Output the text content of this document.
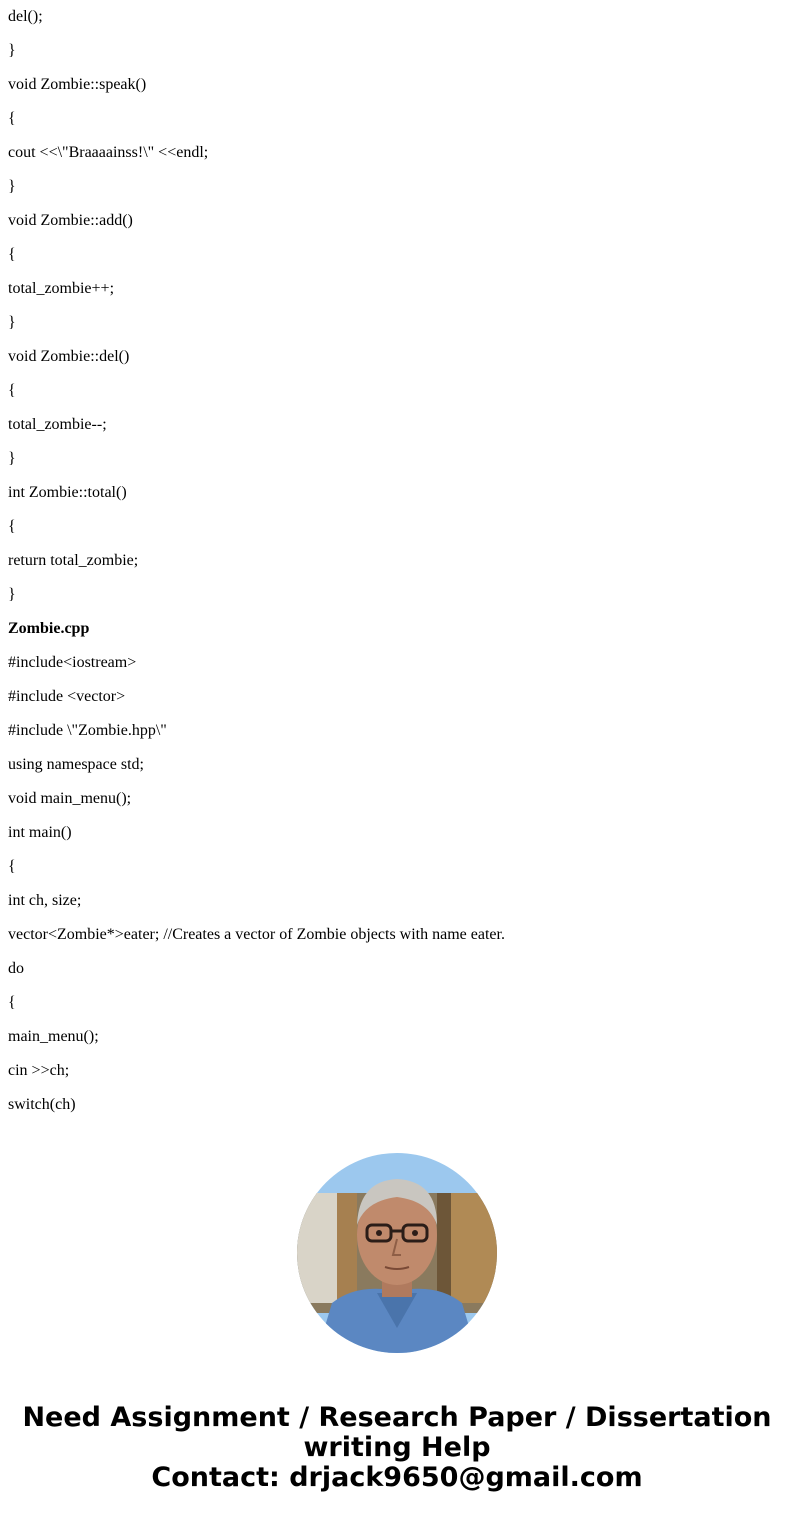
del();

}

void Zombie::speak()

{

cout <<\"Braaaainss!\" <<endl;

}

void Zombie::add()

{

total_zombie++;

}

void Zombie::del()

{

total_zombie--;

}

int Zombie::total()

{

return total_zombie;

}

Zombie.cpp

#include<iostream>

#include <vector>

#include \"Zombie.hpp\"

using namespace std;

void main_menu();

int main()

{

int ch, size;

vector<Zombie*>eater; //Creates a vector of Zombie objects with name eater.

do

{

main_menu();

cin >>ch;

switch(ch)

Need Assignment / Research Paper / Dissertation
writing Help
Contact: drjack9650@gmail.com
